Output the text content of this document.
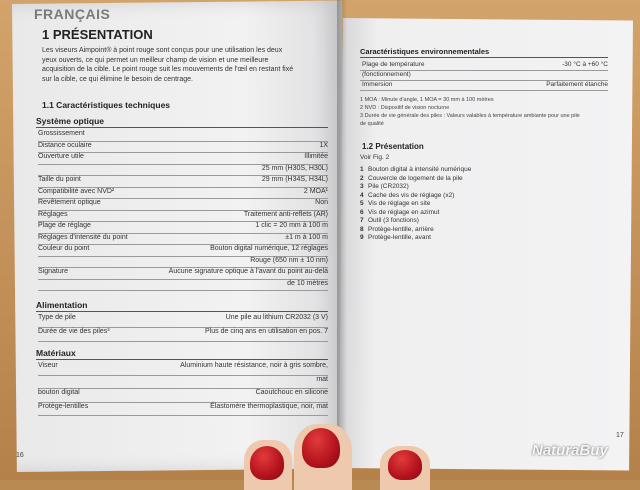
FRANÇAIS
1 PRÉSENTATION
Les viseurs Aimpoint® à point rouge sont conçus pour une utilisation les deux
yeux ouverts, ce qui permet un meilleur champ de vision et une meilleure
acquisition de la cible. Le point rouge suit les mouvements de l'œil en restant fixé
sur la cible, ce qui élimine le besoin de centrage.
1.1 Caractéristiques techniques
Système optique
Grossissement
Distance oculaire	1X
Ouverture utile	Illimitée
25 mm (H30S, H30L)
Taille du point	29 mm (H34S, H34L)
Compatibilité avec NVD²	2 MOA¹
Revêtement optique	Non
Réglages	Traitement anti-reflets (AR)
Plage de réglage	1 clic = 20 mm à 100 m
Réglages d'intensité du point	±1 m à 100 m
Couleur du point	Bouton digital numérique, 12 réglages
Rouge (650 nm ± 10 nm)
Signature	Aucune signature optique à l'avant du point au-delà
de 10 mètres
Alimentation
Type de pile	Une pile au lithium CR2032 (3 V)
Durée de vie des piles³	Plus de cinq ans en utilisation en pos. 7
Matériaux
Viseur	Aluminium haute résistance, noir à gris sombre,
mat
bouton digital	Caoutchouc en silicone
Protège-lentilles	Élastomère thermoplastique, noir, mat
16
Caractéristiques environnementales
Plage de température	-30 °C à +60 °C
(fonctionnement)
Immersion	Parfaitement étanche
1 MOA : Minute d'angle, 1 MOA = 30 mm à 100 mètres
2 NVD : Dispositif de vision nocturne
3 Durée de vie générale des piles : Valeurs valables à température ambiante pour une pile
de qualité
1.2 Présentation
Voir Fig. 2
1 Bouton digital à intensité numérique
2 Couvercle de logement de la pile
3 Pile (CR2032)
4 Cache des vis de réglage (x2)
5 Vis de réglage en site
6 Vis de réglage en azimut
7 Outil (3 fonctions)
8 Protège-lentille, arrière
9 Protège-lentille, avant
17
NaturaBuy
